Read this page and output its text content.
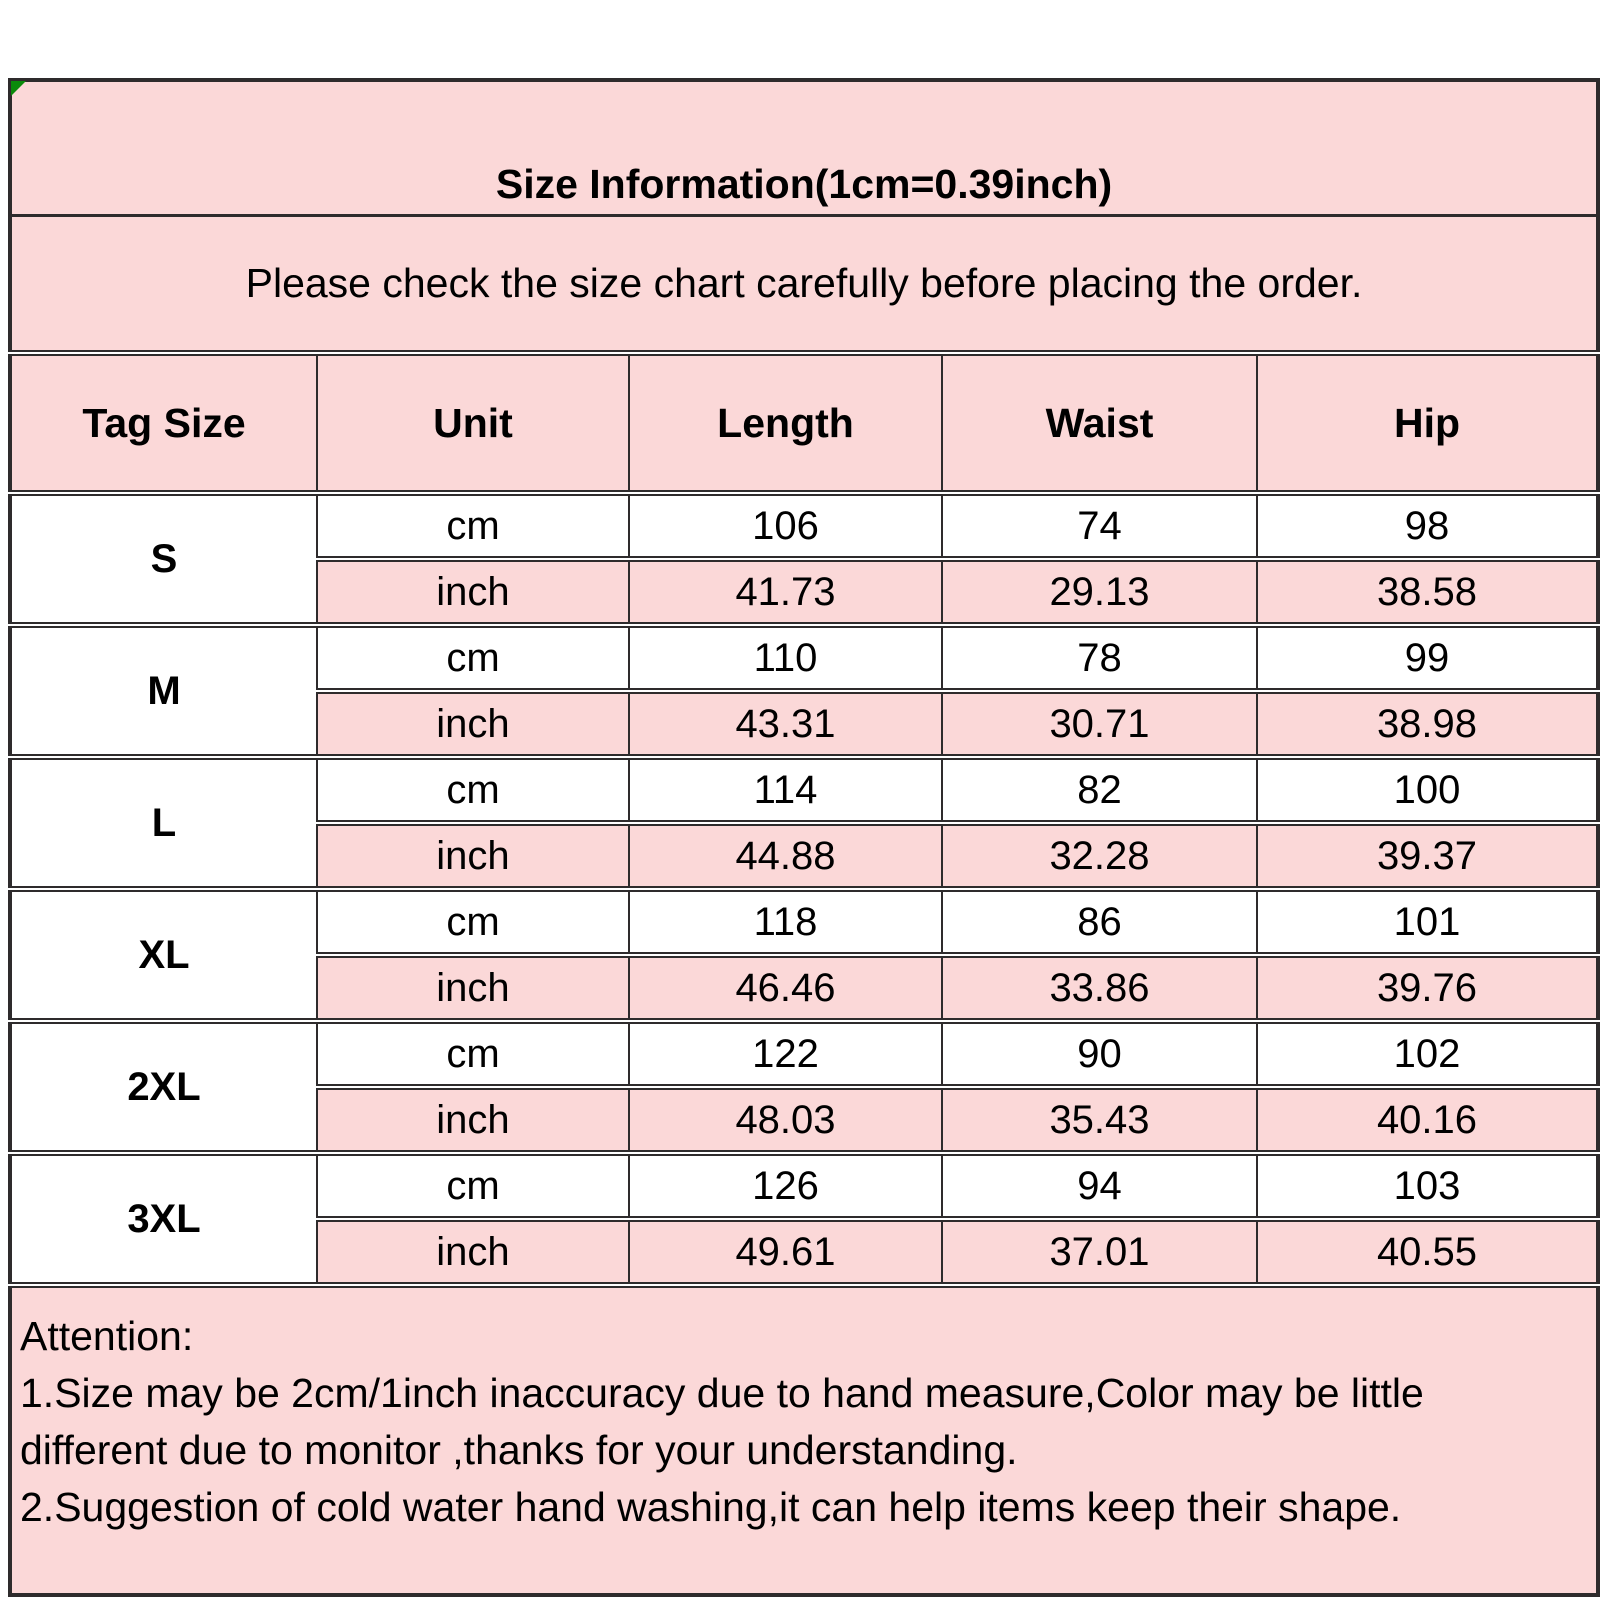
Size Information(1cm=0.39inch)				
Please check the size chart carefully before placing the order.				
Tag Size	Unit	Length	Waist	Hip
S	cm	106	74	98
	inch	41.73	29.13	38.58
M	cm	110	78	99
	inch	43.31	30.71	38.98
L	cm	114	82	100
	inch	44.88	32.28	39.37
XL	cm	118	86	101
	inch	46.46	33.86	39.76
2XL	cm	122	90	102
	inch	48.03	35.43	40.16
3XL	cm	126	94	103
	inch	49.61	37.01	40.55

Attention:
1.Size may be 2cm/1inch inaccuracy due to hand measure,Color may be little
different due to monitor ,thanks for your understanding.
2.Suggestion of cold water hand washing,it can help items keep their shape.				
